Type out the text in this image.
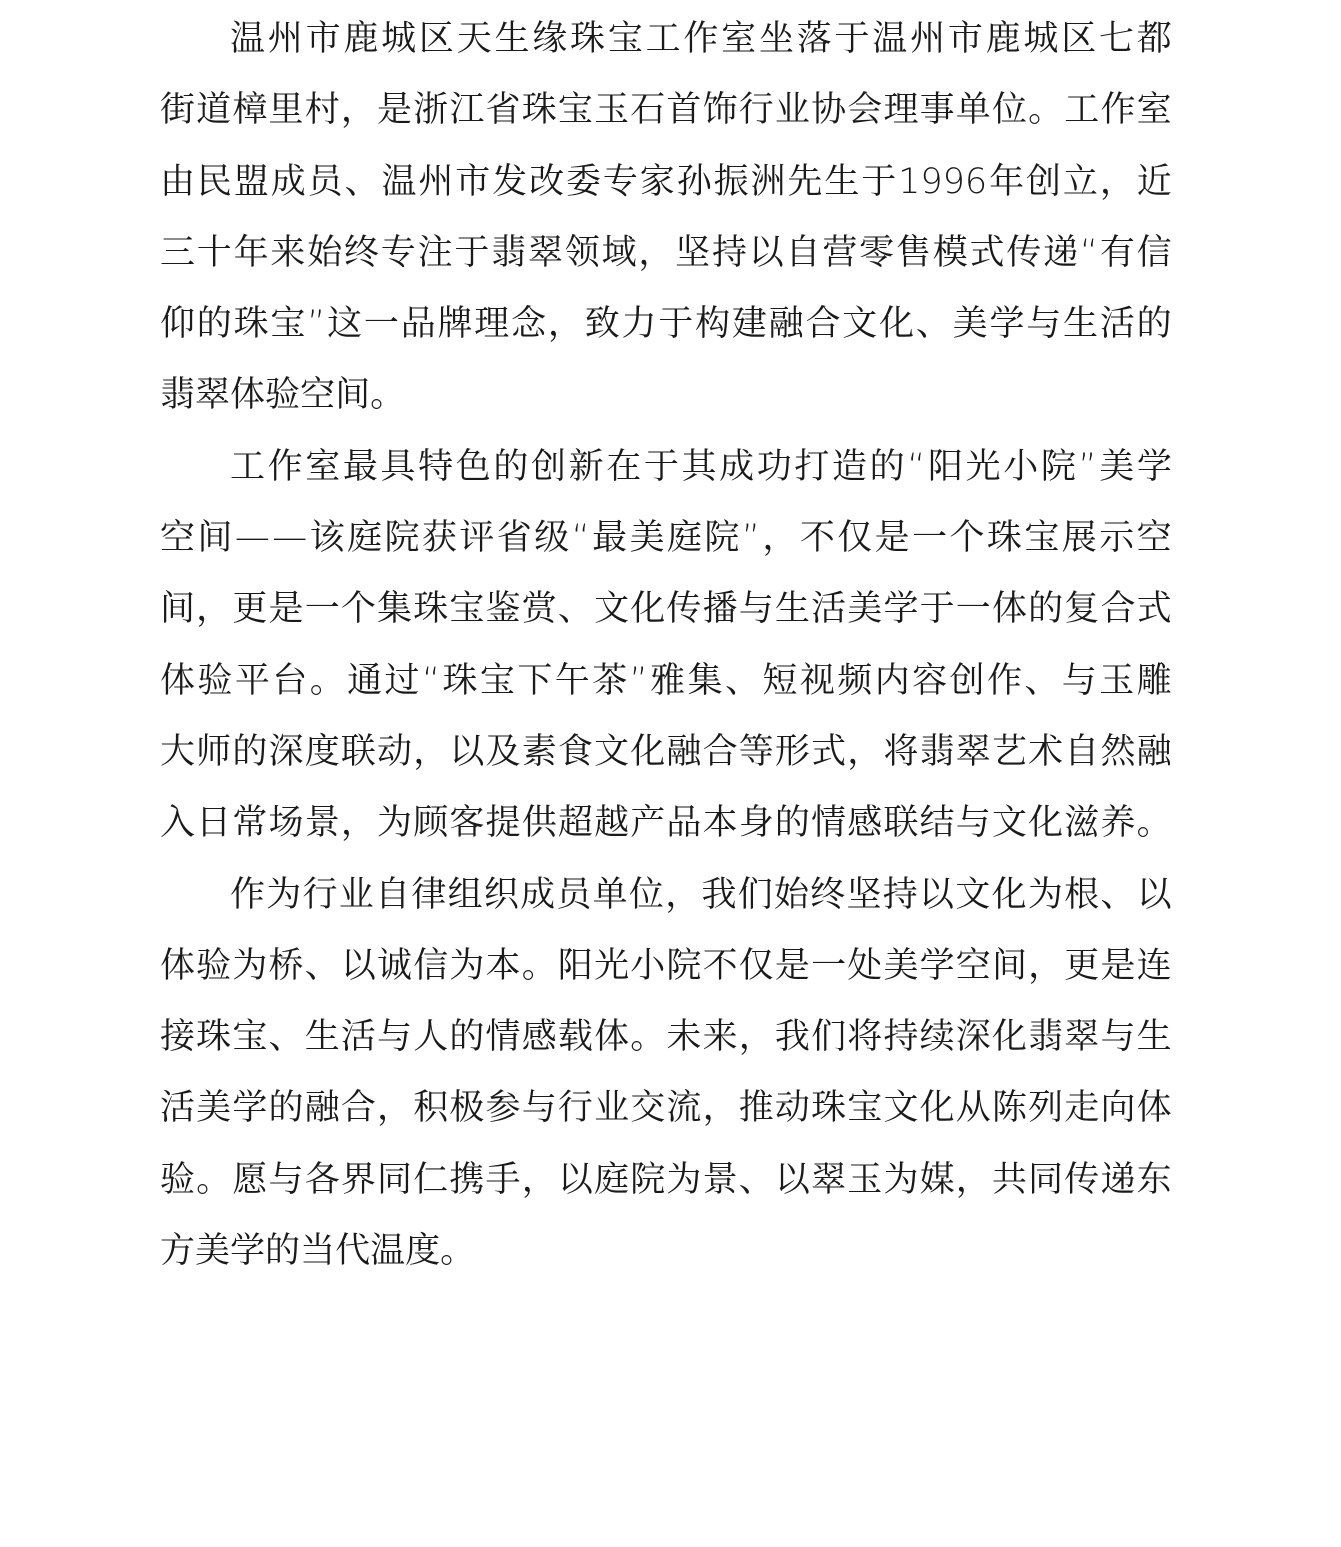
温 州 市 鹿 城 区 天 生 缘 珠 宝 工 作 室 坐 落 于 温 州 市 鹿 城 区 七 都
街 道 樟 里 村 ， 是 浙 江 省 珠 宝 玉 石 首 饰 行 业 协 会 理 事 单 位 。 工 作 室
由 民 盟 成 员 、 温 州 市 发 改 委 专 家 孙 振 洲 先 生 于 1996 年 创 立 ， 近
三 十 年 来 始 终 专 注 于 翡 翠 领 域 ， 坚 持 以 自 营 零 售 模 式 传 递 “ 有 信
仰 的 珠 宝 ” 这 一 品 牌 理 念 ， 致 力 于 构 建 融 合 文 化 、 美 学 与 生 活 的
翡 翠 体 验 空 间 。
工 作 室 最 具 特 色 的 创 新 在 于 其 成 功 打 造 的 “ 阳 光 小 院 ” 美 学
空 间 — — 该 庭 院 获 评 省 级 “ 最 美 庭 院 ” ， 不 仅 是 一 个 珠 宝 展 示 空
间 ， 更 是 一 个 集 珠 宝 鉴 赏 、 文 化 传 播 与 生 活 美 学 于 一 体 的 复 合 式
体 验 平 台 。 通 过 “ 珠 宝 下 午 茶 ” 雅 集 、 短 视 频 内 容 创 作 、 与 玉 雕
大 师 的 深 度 联 动 ， 以 及 素 食 文 化 融 合 等 形 式 ， 将 翡 翠 艺 术 自 然 融
入 日 常 场 景 ， 为 顾 客 提 供 超 越 产 品 本 身 的 情 感 联 结 与 文 化 滋 养 。
作 为 行 业 自 律 组 织 成 员 单 位 ， 我 们 始 终 坚 持 以 文 化 为 根 、 以
体 验 为 桥 、 以 诚 信 为 本 。 阳 光 小 院 不 仅 是 一 处 美 学 空 间 ， 更 是 连
接 珠 宝 、 生 活 与 人 的 情 感 载 体 。 未 来 ， 我 们 将 持 续 深 化 翡 翠 与 生
活 美 学 的 融 合 ， 积 极 参 与 行 业 交 流 ， 推 动 珠 宝 文 化 从 陈 列 走 向 体
验 。 愿 与 各 界 同 仁 携 手 ， 以 庭 院 为 景 、 以 翠 玉 为 媒 ， 共 同 传 递 东
方 美 学 的 当 代 温 度 。
